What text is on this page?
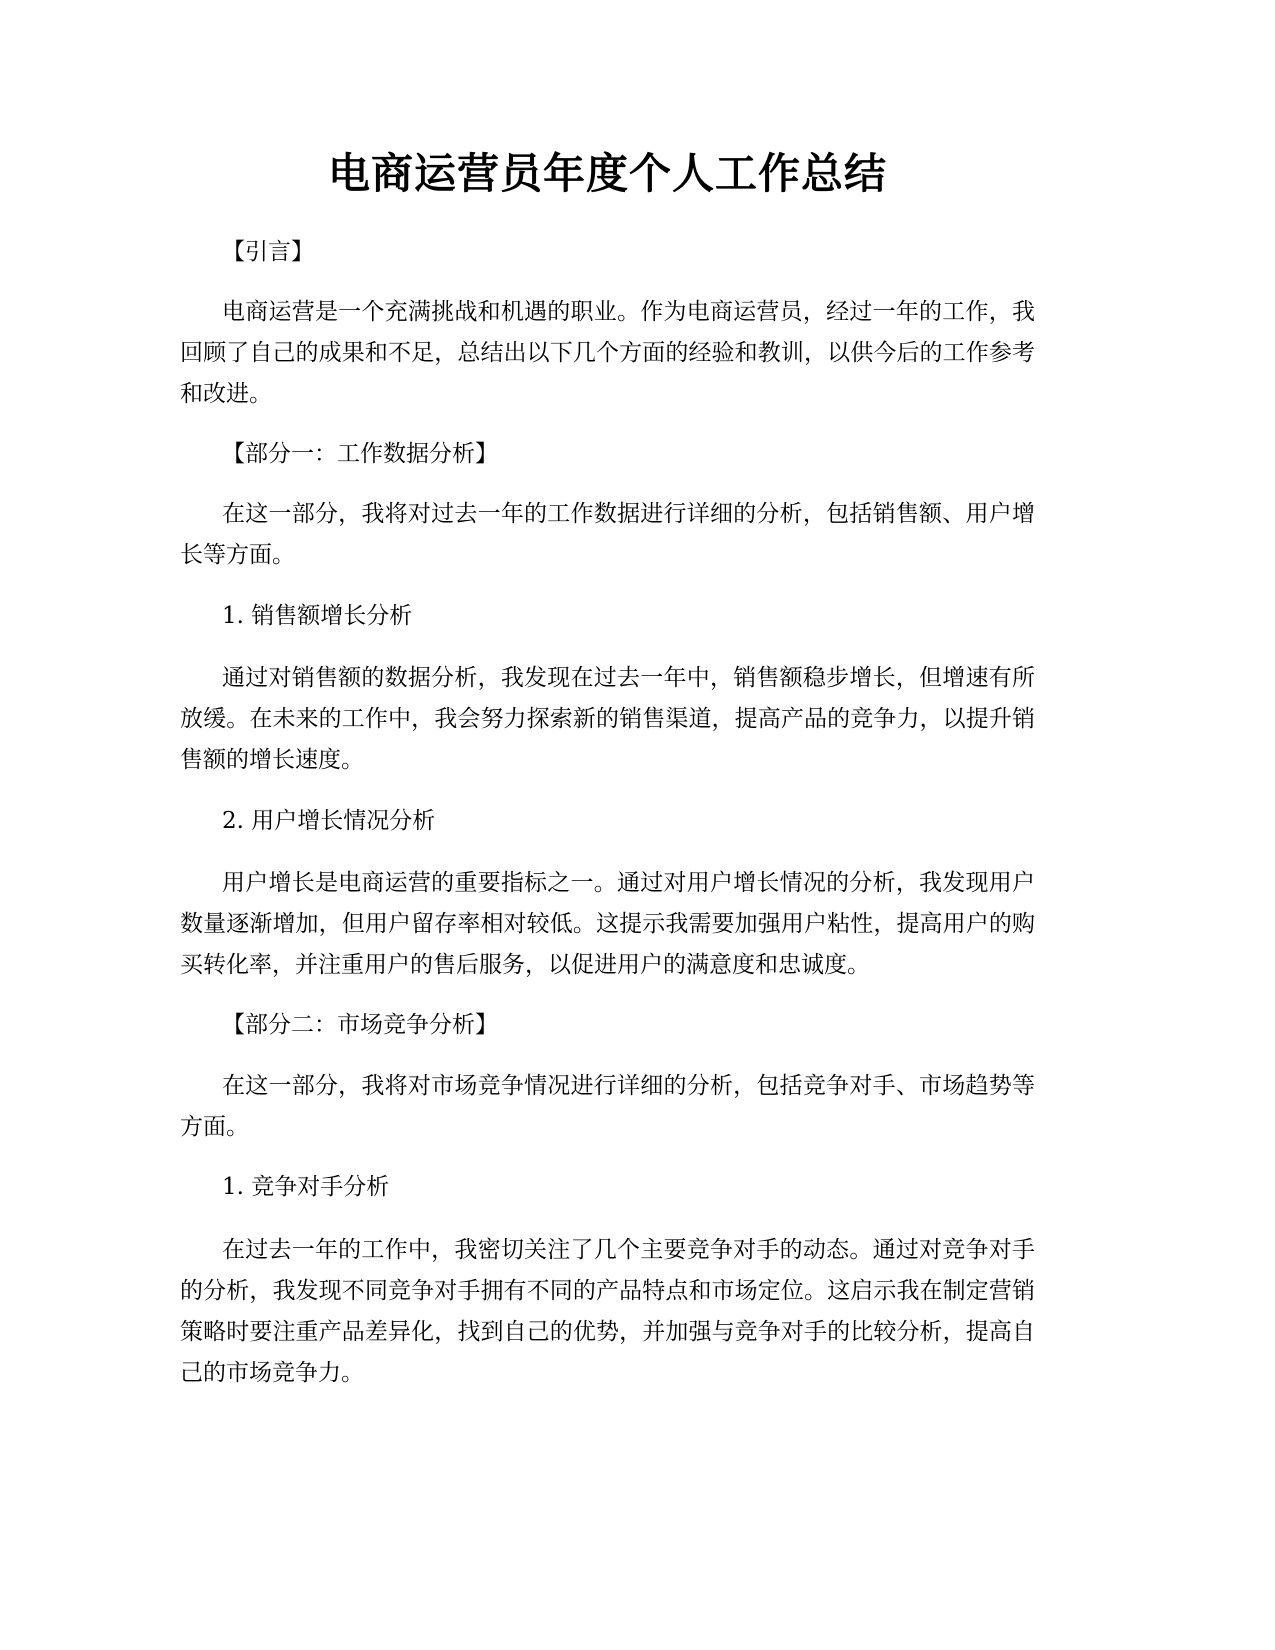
电商运营员年度个人工作总结

【引言】

电商运营是一个充满挑战和机遇的职业。作为电商运营员，经过一年的工作，我回顾了自己的成果和不足，总结出以下几个方面的经验和教训，以供今后的工作参考和改进。

【部分一：工作数据分析】

在这一部分，我将对过去一年的工作数据进行详细的分析，包括销售额、用户增长等方面。

1. 销售额增长分析

通过对销售额的数据分析，我发现在过去一年中，销售额稳步增长，但增速有所放缓。在未来的工作中，我会努力探索新的销售渠道，提高产品的竞争力，以提升销售额的增长速度。

2. 用户增长情况分析

用户增长是电商运营的重要指标之一。通过对用户增长情况的分析，我发现用户数量逐渐增加，但用户留存率相对较低。这提示我需要加强用户粘性，提高用户的购买转化率，并注重用户的售后服务，以促进用户的满意度和忠诚度。

【部分二：市场竞争分析】

在这一部分，我将对市场竞争情况进行详细的分析，包括竞争对手、市场趋势等方面。

1. 竞争对手分析

在过去一年的工作中，我密切关注了几个主要竞争对手的动态。通过对竞争对手的分析，我发现不同竞争对手拥有不同的产品特点和市场定位。这启示我在制定营销策略时要注重产品差异化，找到自己的优势，并加强与竞争对手的比较分析，提高自己的市场竞争力。
